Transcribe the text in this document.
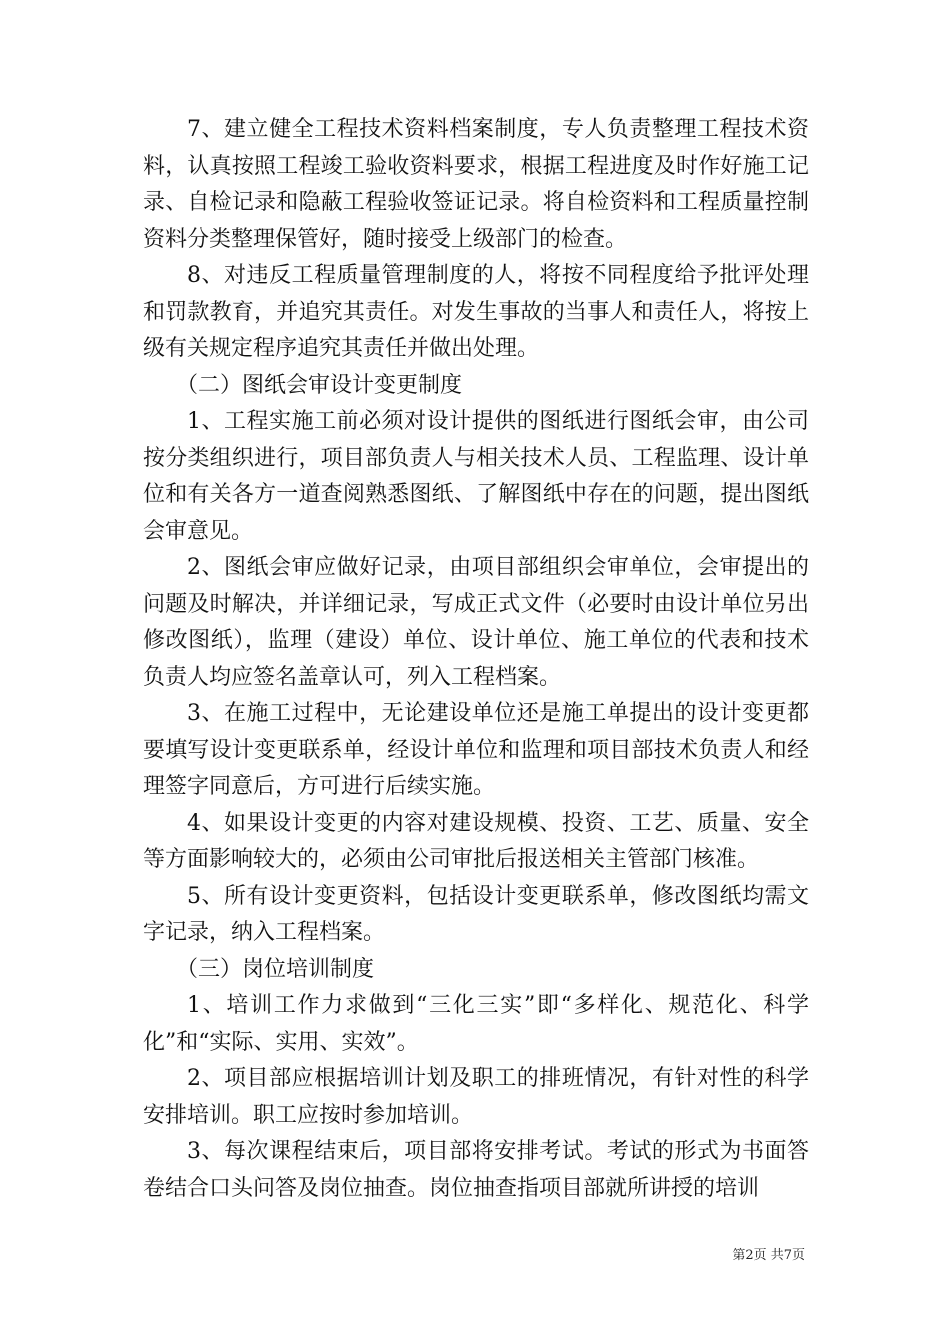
7、建立健全工程技术资料档案制度，专人负责整理工程技术资料，认真按照工程竣工验收资料要求，根据工程进度及时作好施工记录、自检记录和隐蔽工程验收签证记录。将自检资料和工程质量控制资料分类整理保管好，随时接受上级部门的检查。

8、对违反工程质量管理制度的人，将按不同程度给予批评处理和罚款教育，并追究其责任。对发生事故的当事人和责任人，将按上级有关规定程序追究其责任并做出处理。

（二）图纸会审设计变更制度

1、工程实施工前必须对设计提供的图纸进行图纸会审，由公司按分类组织进行，项目部负责人与相关技术人员、工程监理、设计单位和有关各方一道查阅熟悉图纸、了解图纸中存在的问题，提出图纸会审意见。

2、图纸会审应做好记录，由项目部组织会审单位，会审提出的问题及时解决，并详细记录，写成正式文件（必要时由设计单位另出修改图纸），监理（建设）单位、设计单位、施工单位的代表和技术负责人均应签名盖章认可，列入工程档案。

3、在施工过程中，无论建设单位还是施工单提出的设计变更都要填写设计变更联系单，经设计单位和监理和项目部技术负责人和经理签字同意后，方可进行后续实施。

4、如果设计变更的内容对建设规模、投资、工艺、质量、安全等方面影响较大的，必须由公司审批后报送相关主管部门核准。

5、所有设计变更资料，包括设计变更联系单，修改图纸均需文字记录，纳入工程档案。

（三）岗位培训制度

1、培训工作力求做到“三化三实”即“多样化、规范化、科学化”和“实际、实用、实效”。

2、项目部应根据培训计划及职工的排班情况，有针对性的科学安排培训。职工应按时参加培训。

3、每次课程结束后，项目部将安排考试。考试的形式为书面答卷结合口头问答及岗位抽查。岗位抽查指项目部就所讲授的培训

第2页 共7页
